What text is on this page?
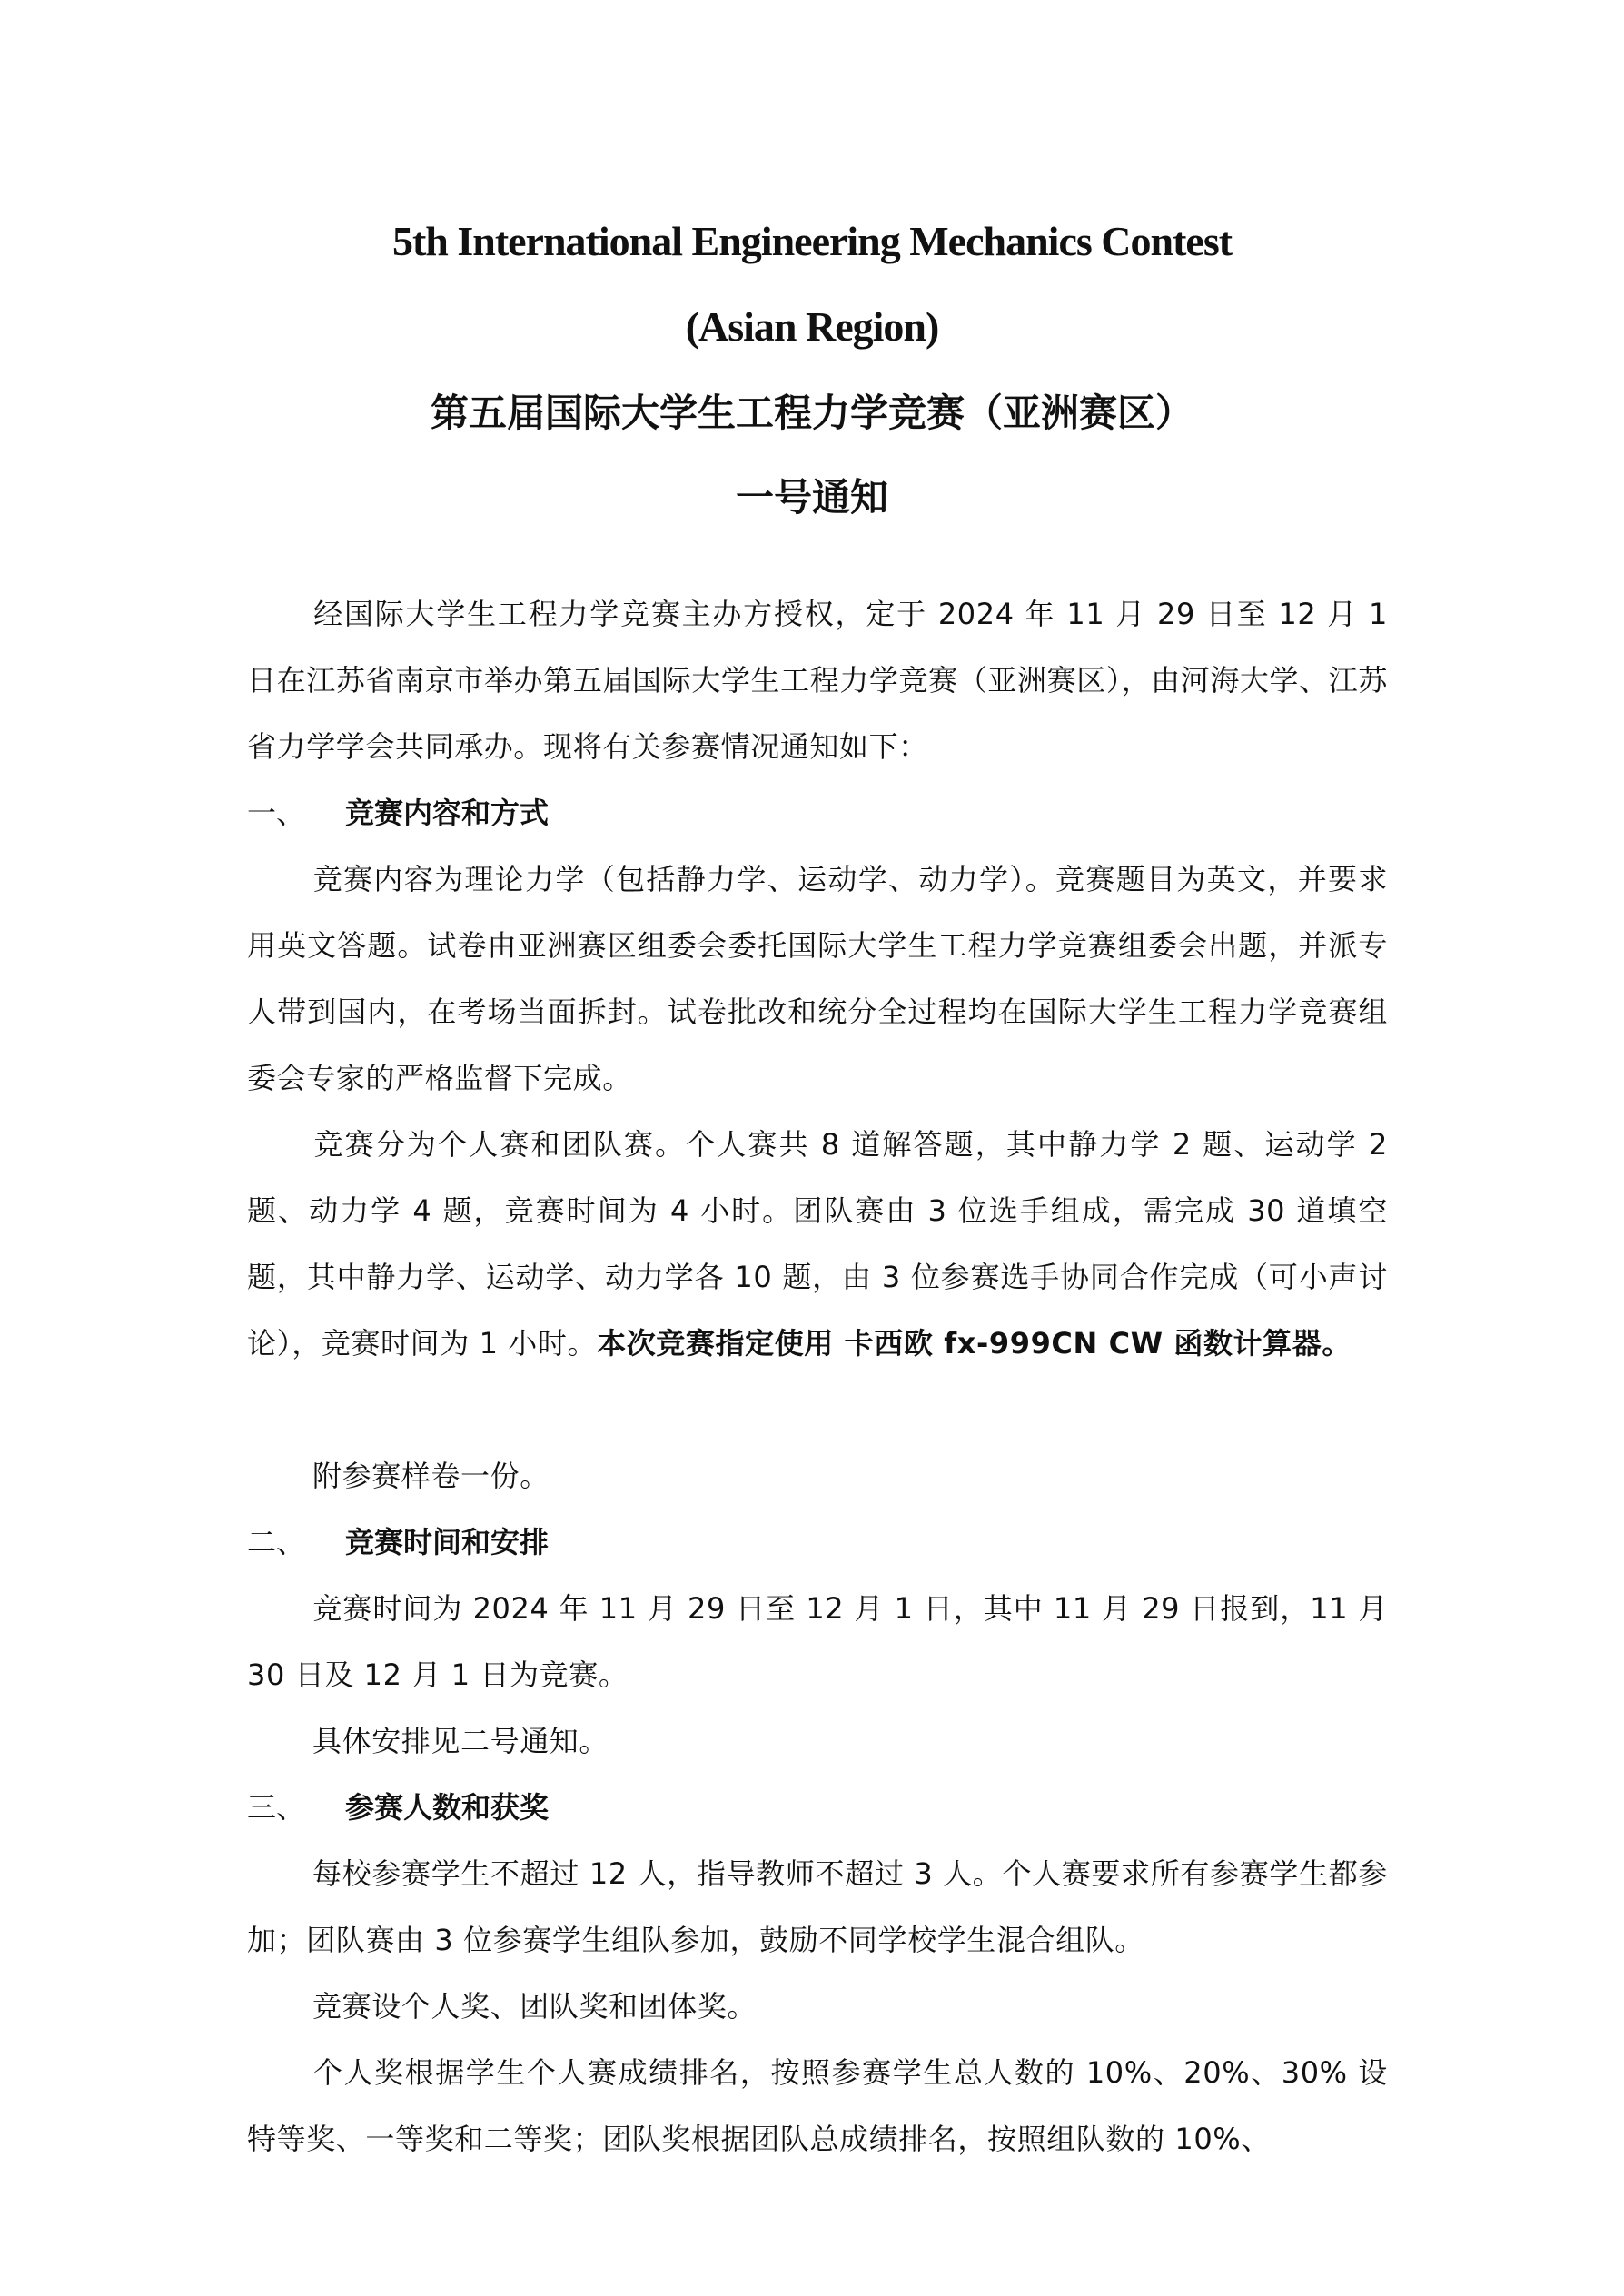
5th International Engineering Mechanics Contest
(Asian Region)
第五届国际大学生工程力学竞赛（亚洲赛区）
一号通知
经国际大学生工程力学竞赛主办方授权，定于 2024 年 11 月 29 日至 12 月 1 日在江苏省南京市举办第五届国际大学生工程力学竞赛（亚洲赛区），由河海大学、江苏省力学学会共同承办。现将有关参赛情况通知如下：
一、 竞赛内容和方式
竞赛内容为理论力学（包括静力学、运动学、动力学）。竞赛题目为英文，并要求用英文答题。试卷由亚洲赛区组委会委托国际大学生工程力学竞赛组委会出题，并派专人带到国内，在考场当面拆封。试卷批改和统分全过程均在国际大学生工程力学竞赛组委会专家的严格监督下完成。
竞赛分为个人赛和团队赛。个人赛共 8 道解答题，其中静力学 2 题、运动学 2 题、动力学 4 题，竞赛时间为 4 小时。团队赛由 3 位选手组成，需完成 30 道填空题，其中静力学、运动学、动力学各 10 题，由 3 位参赛选手协同合作完成（可小声讨论），竞赛时间为 1 小时。本次竞赛指定使用 卡西欧 fx-999CN CW 函数计算器。
附参赛样卷一份。
二、 竞赛时间和安排
竞赛时间为 2024 年 11 月 29 日至 12 月 1 日，其中 11 月 29 日报到，11 月 30 日及 12 月 1 日为竞赛。
具体安排见二号通知。
三、 参赛人数和获奖
每校参赛学生不超过 12 人，指导教师不超过 3 人。个人赛要求所有参赛学生都参加；团队赛由 3 位参赛学生组队参加，鼓励不同学校学生混合组队。
竞赛设个人奖、团队奖和团体奖。
个人奖根据学生个人赛成绩排名，按照参赛学生总人数的 10%、20%、30% 设特等奖、一等奖和二等奖；团队奖根据团队总成绩排名，按照组队数的 10%、
